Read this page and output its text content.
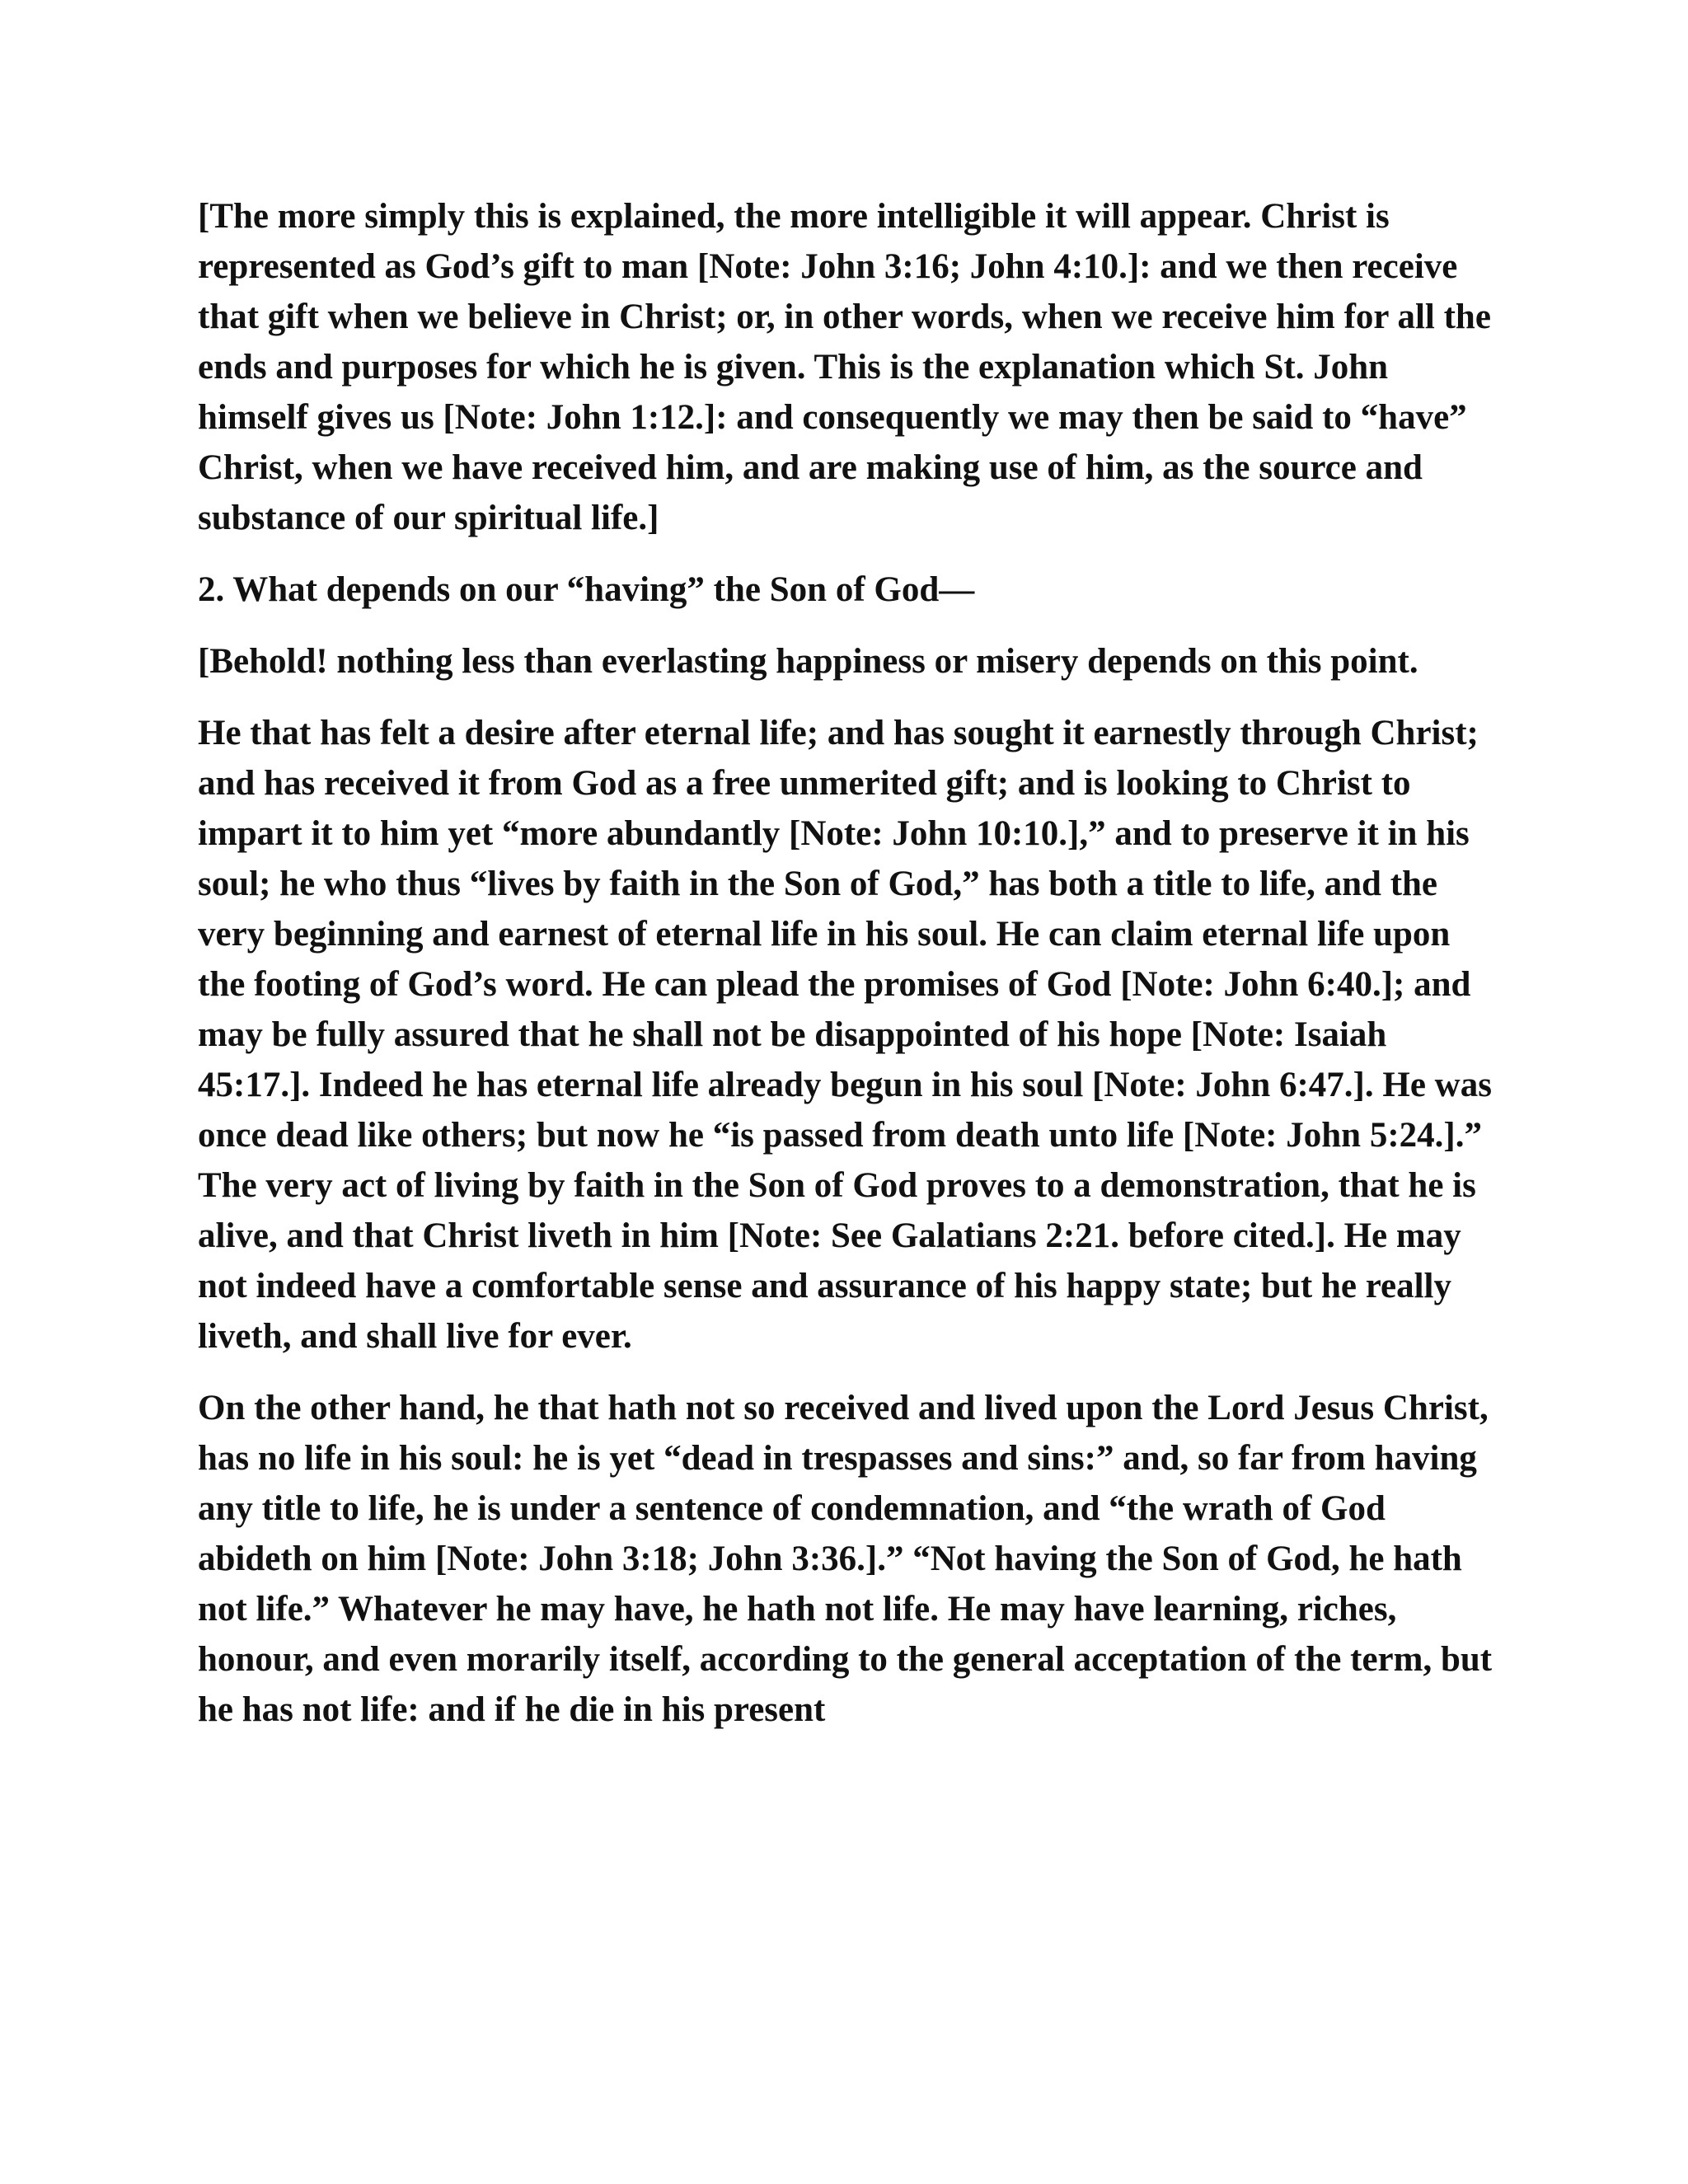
[The more simply this is explained, the more intelligible it will appear. Christ is represented as God’s gift to man [Note: John 3:16; John 4:10.]: and we then receive that gift when we believe in Christ; or, in other words, when we receive him for all the ends and purposes for which he is given. This is the explanation which St. John himself gives us [Note: John 1:12.]: and consequently we may then be said to “have” Christ, when we have received him, and are making use of him, as the source and substance of our spiritual life.]

2. What depends on our “having” the Son of God—

[Behold! nothing less than everlasting happiness or misery depends on this point.

He that has felt a desire after eternal life; and has sought it earnestly through Christ; and has received it from God as a free unmerited gift; and is looking to Christ to impart it to him yet “more abundantly [Note: John 10:10.],” and to preserve it in his soul; he who thus “lives by faith in the Son of God,” has both a title to life, and the very beginning and earnest of eternal life in his soul. He can claim eternal life upon the footing of God’s word. He can plead the promises of God [Note: John 6:40.]; and may be fully assured that he shall not be disappointed of his hope [Note: Isaiah 45:17.]. Indeed he has eternal life already begun in his soul [Note: John 6:47.]. He was once dead like others; but now he “is passed from death unto life [Note: John 5:24.].” The very act of living by faith in the Son of God proves to a demonstration, that he is alive, and that Christ liveth in him [Note: See Galatians 2:21. before cited.]. He may not indeed have a comfortable sense and assurance of his happy state; but he really liveth, and shall live for ever.

On the other hand, he that hath not so received and lived upon the Lord Jesus Christ, has no life in his soul: he is yet “dead in trespasses and sins:” and, so far from having any title to life, he is under a sentence of condemnation, and “the wrath of God abideth on him [Note: John 3:18; John 3:36.].” “Not having the Son of God, he hath not life.” Whatever he may have, he hath not life. He may have learning, riches, honour, and even morarily itself, according to the general acceptation of the term, but he has not life: and if he die in his present
